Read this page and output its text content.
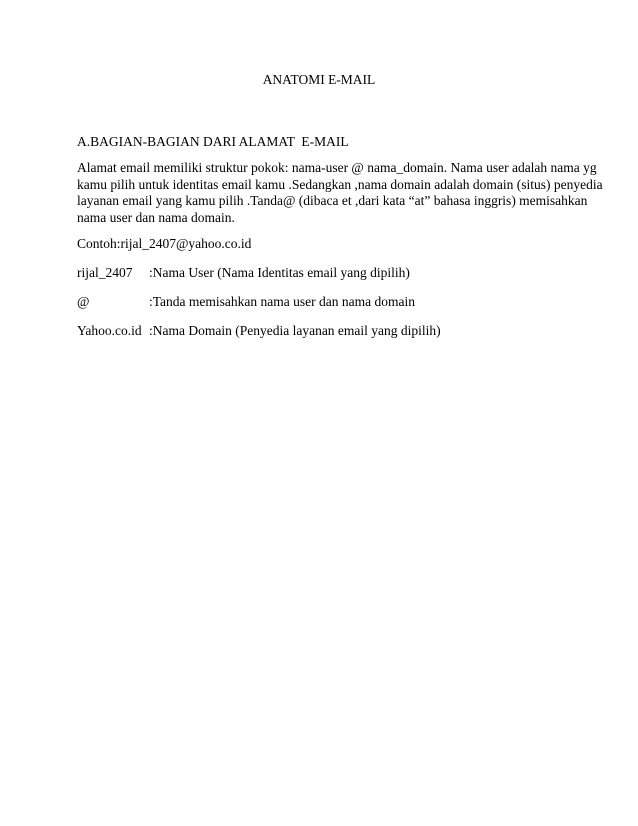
ANATOMI E-MAIL
A.BAGIAN-BAGIAN DARI ALAMAT  E-MAIL
Alamat email memiliki struktur pokok: nama-user @ nama_domain. Nama user adalah nama yg
kamu pilih untuk identitas email kamu .Sedangkan ,nama domain adalah domain (situs) penyedia
layanan email yang kamu pilih .Tanda@ (dibaca et ,dari kata “at” bahasa inggris) memisahkan
nama user dan nama domain.
Contoh:rijal_2407@yahoo.co.id
rijal_2407 :Nama User (Nama Identitas email yang dipilih)
@	:Tanda memisahkan nama user dan nama domain
Yahoo.co.id :Nama Domain (Penyedia layanan email yang dipilih)
